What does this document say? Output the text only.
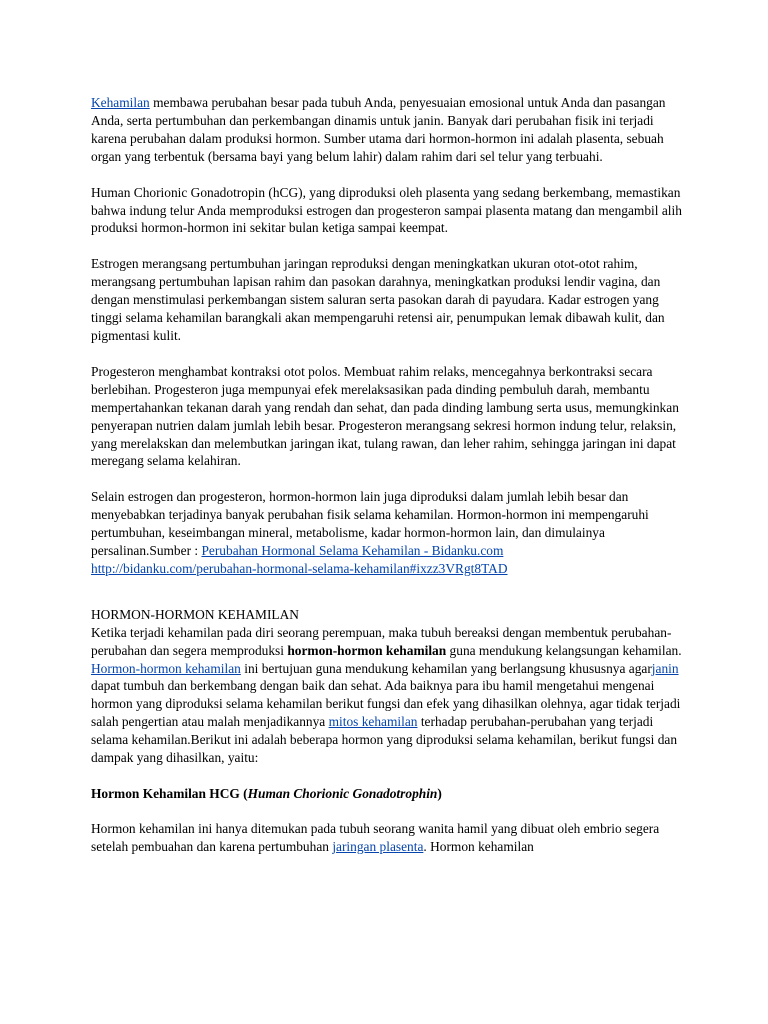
Kehamilan membawa perubahan besar pada tubuh Anda, penyesuaian emosional untuk Anda dan pasangan Anda, serta pertumbuhan dan perkembangan dinamis untuk janin. Banyak dari perubahan fisik ini terjadi karena perubahan dalam produksi hormon. Sumber utama dari hormon-hormon ini adalah plasenta, sebuah organ yang terbentuk (bersama bayi yang belum lahir) dalam rahim dari sel telur yang terbuahi.

Human Chorionic Gonadotropin (hCG), yang diproduksi oleh plasenta yang sedang berkembang, memastikan bahwa indung telur Anda memproduksi estrogen dan progesteron sampai plasenta matang dan mengambil alih produksi hormon-hormon ini sekitar bulan ketiga sampai keempat.

Estrogen merangsang pertumbuhan jaringan reproduksi dengan meningkatkan ukuran otot-otot rahim, merangsang pertumbuhan lapisan rahim dan pasokan darahnya, meningkatkan produksi lendir vagina, dan dengan menstimulasi perkembangan sistem saluran serta pasokan darah di payudara. Kadar estrogen yang tinggi selama kehamilan barangkali akan mempengaruhi retensi air, penumpukan lemak dibawah kulit, dan pigmentasi kulit.

Progesteron menghambat kontraksi otot polos. Membuat rahim relaks, mencegahnya berkontraksi secara berlebihan. Progesteron juga mempunyai efek merelaksasikan pada dinding pembuluh darah, membantu mempertahankan tekanan darah yang rendah dan sehat, dan pada dinding lambung serta usus, memungkinkan penyerapan nutrien dalam jumlah lebih besar. Progesteron merangsang sekresi hormon indung telur, relaksin, yang merelakskan dan melembutkan jaringan ikat, tulang rawan, dan leher rahim, sehingga jaringan ini dapat meregang selama kelahiran.

Selain estrogen dan progesteron, hormon-hormon lain juga diproduksi dalam jumlah lebih besar dan menyebabkan terjadinya banyak perubahan fisik selama kehamilan. Hormon-hormon ini mempengaruhi pertumbuhan, keseimbangan mineral, metabolisme, kadar hormon-hormon lain, dan dimulainya persalinan.Sumber : Perubahan Hormonal Selama Kehamilan - Bidanku.com
http://bidanku.com/perubahan-hormonal-selama-kehamilan#ixzz3VRgt8TAD

HORMON-HORMON KEHAMILAN

Ketika terjadi kehamilan pada diri seorang perempuan, maka tubuh bereaksi dengan membentuk perubahan-perubahan dan segera memproduksi hormon-hormon kehamilan guna mendukung kelangsungan kehamilan. Hormon-hormon kehamilan ini bertujuan guna mendukung kehamilan yang berlangsung khususnya agarjanin dapat tumbuh dan berkembang dengan baik dan sehat. Ada baiknya para ibu hamil mengetahui mengenai hormon yang diproduksi selama kehamilan berikut fungsi dan efek yang dihasilkan olehnya, agar tidak terjadi salah pengertian atau malah menjadikannya mitos kehamilan terhadap perubahan-perubahan yang terjadi selama kehamilan.Berikut ini adalah beberapa hormon yang diproduksi selama kehamilan, berikut fungsi dan dampak yang dihasilkan, yaitu:

Hormon Kehamilan HCG (Human Chorionic Gonadotrophin)

Hormon kehamilan ini hanya ditemukan pada tubuh seorang wanita hamil yang dibuat oleh embrio segera setelah pembuahan dan karena pertumbuhan jaringan plasenta. Hormon kehamilan
